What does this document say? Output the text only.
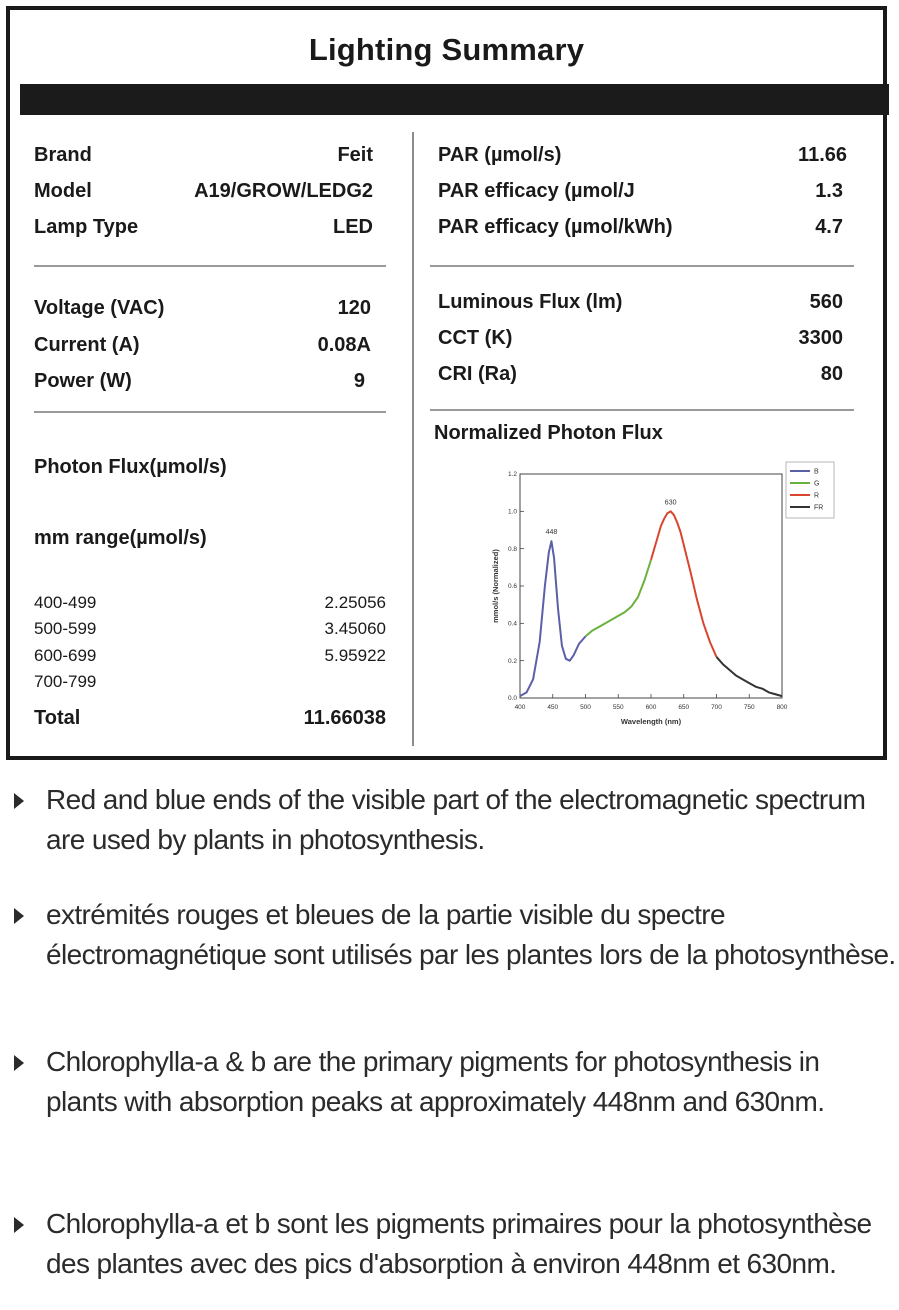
Lighting Summary
Brand	Feit
Model	A19/GROW/LEDG2
Lamp Type	LED
Voltage (VAC)	120
Current (A)	0.08A
Power (W)	9
Photon Flux(µmol/s)
mm range(µmol/s)
400-499	2.25056
500-599	3.45060
600-699	5.95922
700-799
Total	11.66038
PAR (µmol/s)	11.66
PAR efficacy (µmol/J	1.3
PAR efficacy (µmol/kWh)	4.7
Luminous Flux (lm)	560
CCT (K)	3300
CRI (Ra)	80
Normalized Photon Flux
400	450	500	550	600	650	700	750	800
0.0
0.2
0.4
0.6
0.8
1.0
1.2
Wavelength (nm)
mmol/s (Normalized)
448
630
B
G
R
FR
Red and blue ends of the visible part of the electromagnetic spectrum are used by plants in photosynthesis.
extrémités rouges et bleues de la partie visible du spectre électromagnétique sont utilisés par les plantes lors de la photosynthèse.
Chlorophylla-a & b are the primary pigments for photosynthesis in plants with absorption peaks at approximately 448nm and 630nm.
Chlorophylla-a et b sont les pigments primaires pour la photosynthèse des plantes avec des pics d'absorption à environ 448nm et 630nm.
